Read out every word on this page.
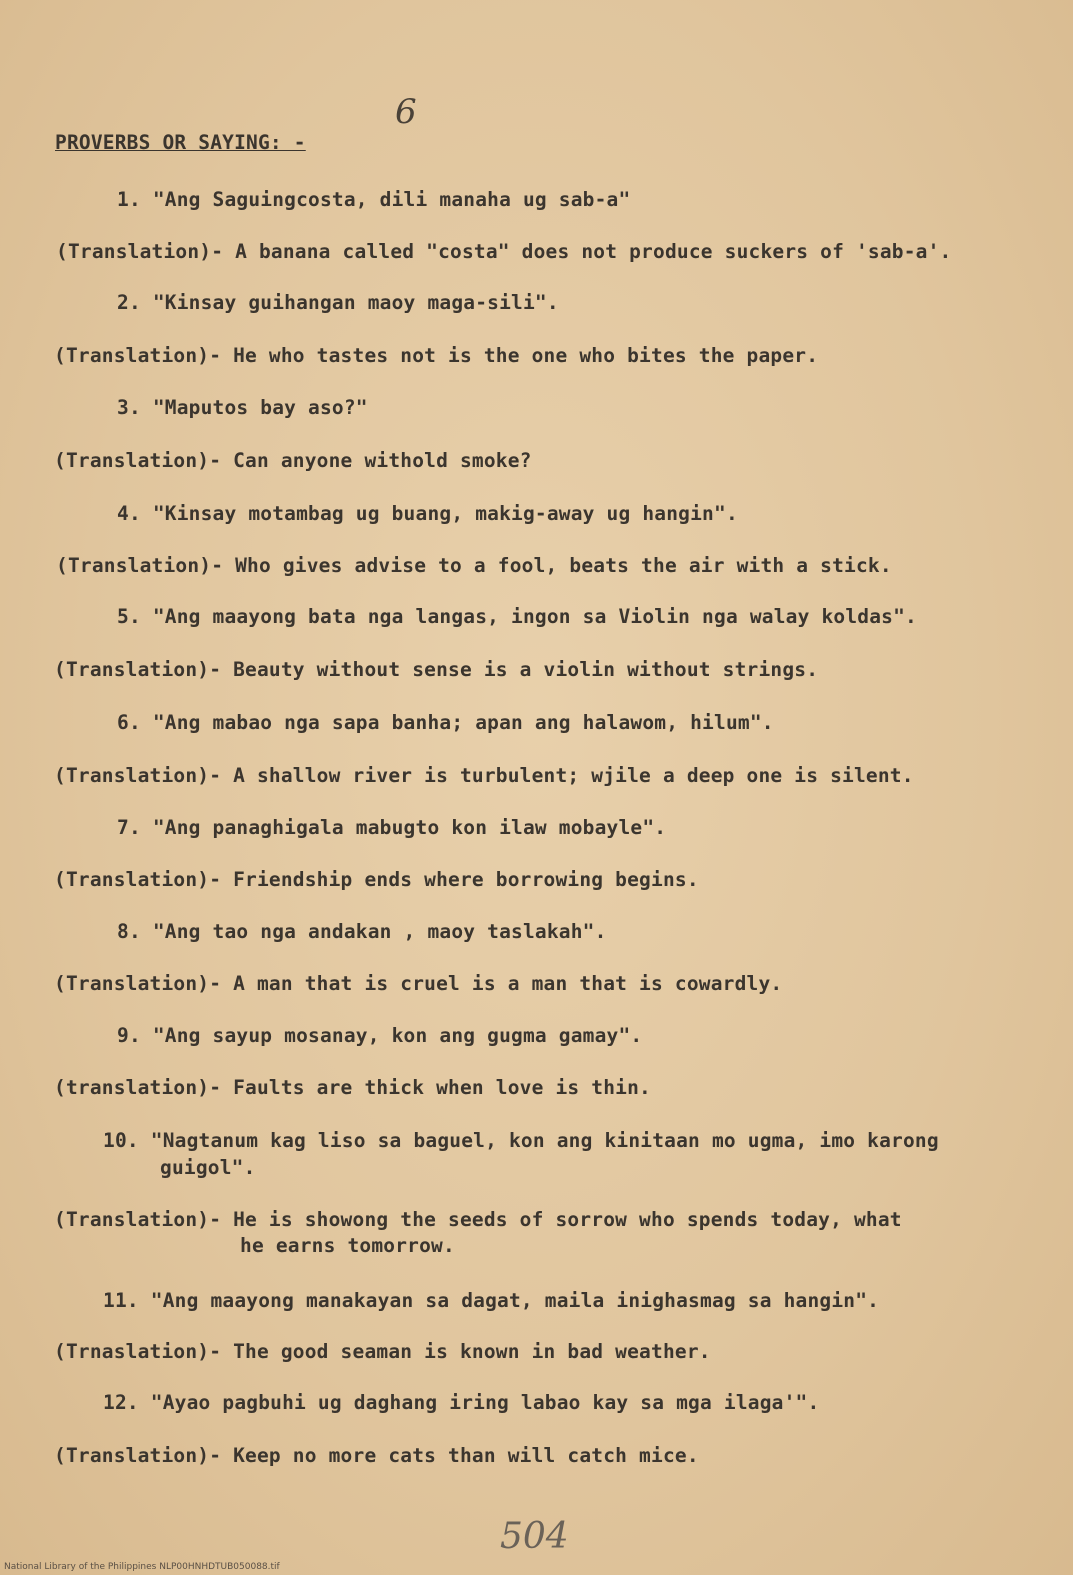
6
PROVERBS OR SAYING: -
1. "Ang Saguingcosta, dili manaha ug sab-a"
(Translation)- A banana called "costa" does not produce suckers of 'sab-a'.
2. "Kinsay guihangan maoy maga-sili".
(Translation)- He who tastes not is the one who bites the paper.
3. "Maputos bay aso?"
(Translation)- Can anyone withold smoke?
4. "Kinsay motambag ug buang, makig-away ug hangin".
(Translation)- Who gives advise to a fool, beats the air with a stick.
5. "Ang maayong bata nga langas, ingon sa Violin nga walay koldas".
(Translation)- Beauty without sense is a violin without strings.
6. "Ang mabao nga sapa banha; apan ang halawom, hilum".
(Translation)- A shallow river is turbulent; wjile a deep one is silent.
7. "Ang panaghigala mabugto kon ilaw mobayle".
(Translation)- Friendship ends where borrowing begins.
8. "Ang tao nga andakan , maoy taslakah".
(Translation)- A man that is cruel is a man that is cowardly.
9. "Ang sayup mosanay, kon ang gugma gamay".
(translation)- Faults are thick when love is thin.
10. "Nagtanum kag liso sa baguel, kon ang kinitaan mo ugma, imo karong
guigol".
(Translation)- He is showong the seeds of sorrow who spends today, what
he earns tomorrow.
11. "Ang maayong manakayan sa dagat, maila inighasmag sa hangin".
(Trnaslation)- The good seaman is known in bad weather.
12. "Ayao pagbuhi ug daghang iring labao kay sa mga ilaga'".
(Translation)- Keep no more cats than will catch mice.
504
National Library of the Philippines NLP00HNHDTUB050088.tif
